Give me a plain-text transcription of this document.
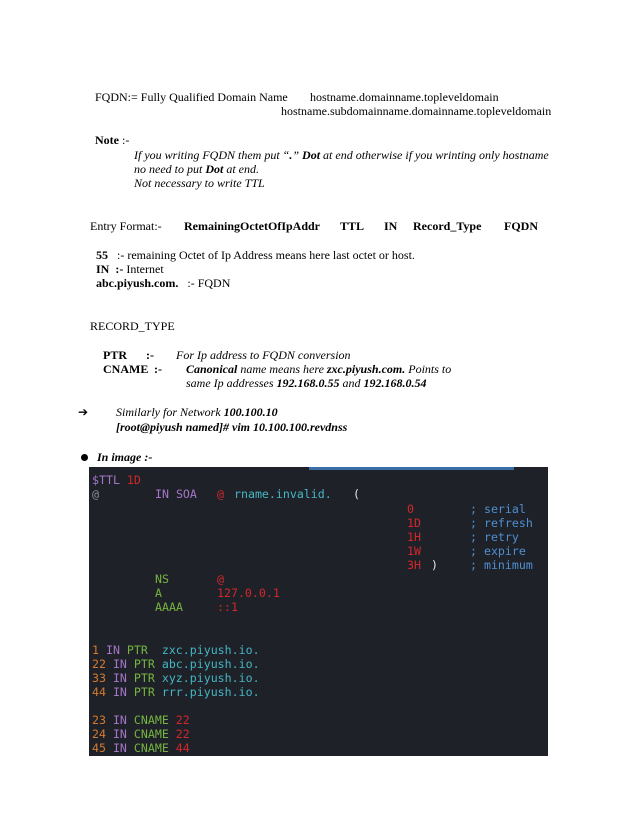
FQDN:= Fully Qualified Domain Name hostname.domainname.topleveldomain
hostname.subdomainname.domainname.topleveldomain
Note :-
If you writing FQDN them put “.” Dot at end otherwise if you wrinting only hostname
no need to put Dot at end.
Not necessary to write TTL
Entry Format:- RemainingOctetOfIpAddr TTL IN Record_Type FQDN
55 :- remaining Octet of Ip Address means here last octet or host.
IN :- Internet
abc.piyush.com. :- FQDN
RECORD_TYPE
PTR :- For Ip address to FQDN conversion
CNAME :- Canonical name means here zxc.piyush.com. Points to
same Ip addresses 192.168.0.55 and 192.168.0.54
➔ Similarly for Network 100.100.10
[root@piyush named]# vim 10.100.100.revdnss
In image :-
$TTL 1D
@	IN SOA @ rname.invalid. (
0	; serial
1D	; refresh
1H	; retry
1W	; expire
3H )	; minimum
NS	@
A	127.0.0.1
AAAA	::1
1 IN PTR zxc.piyush.io.
22 IN PTR abc.piyush.io.
33 IN PTR xyz.piyush.io.
44 IN PTR rrr.piyush.io.
23 IN CNAME 22
24 IN CNAME 22
45 IN CNAME 44
